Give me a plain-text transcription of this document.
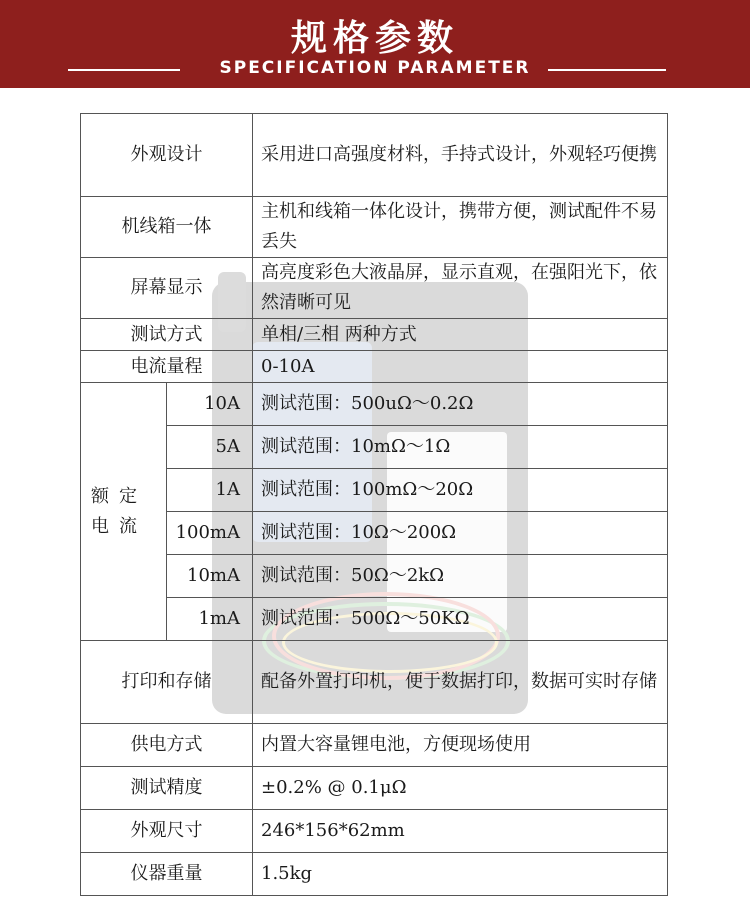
规格参数
SPECIFICATION PARAMETER
外观设计		采用进口高强度材料，手持式设计，外观轻巧便携
机线箱一体		主机和线箱一体化设计，携带方便，测试配件不易丢失
屏幕显示		高亮度彩色大液晶屏，显示直观，在强阳光下，依然清晰可见
测试方式		单相/三相 两种方式
电流量程		0-10A
额定电流	10A	测试范围：500uΩ～0.2Ω
	5A	测试范围：10mΩ～1Ω
	1A	测试范围：100mΩ～20Ω
	100mA	测试范围：10Ω～200Ω
	10mA	测试范围：50Ω～2kΩ
	1mA	测试范围：500Ω～50KΩ
打印和存储		配备外置打印机，便于数据打印，数据可实时存储
供电方式		内置大容量锂电池，方便现场使用
测试精度		±0.2% @ 0.1μΩ
外观尺寸		246*156*62mm
仪器重量		1.5kg
